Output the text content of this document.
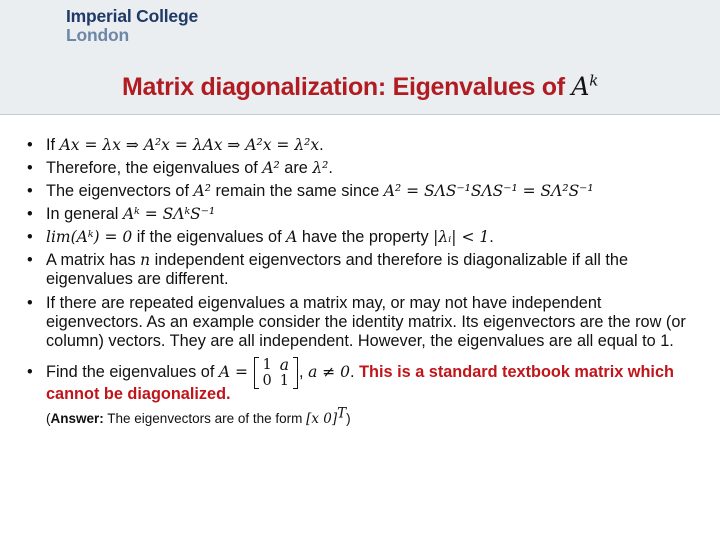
Imperial College
London
Matrix diagonalization: Eigenvalues of $A^k$
• If Ax = λx ⇒ A²x = λAx ⇒ A²x = λ²x.
• Therefore, the eigenvalues of A² are λ².
• The eigenvectors of A² remain the same since A² = SΛS⁻¹SΛS⁻¹ = SΛ²S⁻¹
• In general Aᵏ = SΛᵏS⁻¹
• lim(Aᵏ) = 0 if the eigenvalues of A have the property |λᵢ| < 1.
• A matrix has n independent eigenvectors and therefore is diagonalizable if all the eigenvalues are different.
• If there are repeated eigenvalues a matrix may, or may not have independent eigenvectors. As an example consider the identity matrix. Its eigenvectors are the row (or column) vectors. They are all independent. However, the eigenvalues are all equal to 1.
• Find the eigenvalues of A = 1	a
0	1 , a ≠ 0. This is a standard textbook matrix which cannot be diagonalized.
(Answer: The eigenvectors are of the form [x 0]$^T$)
